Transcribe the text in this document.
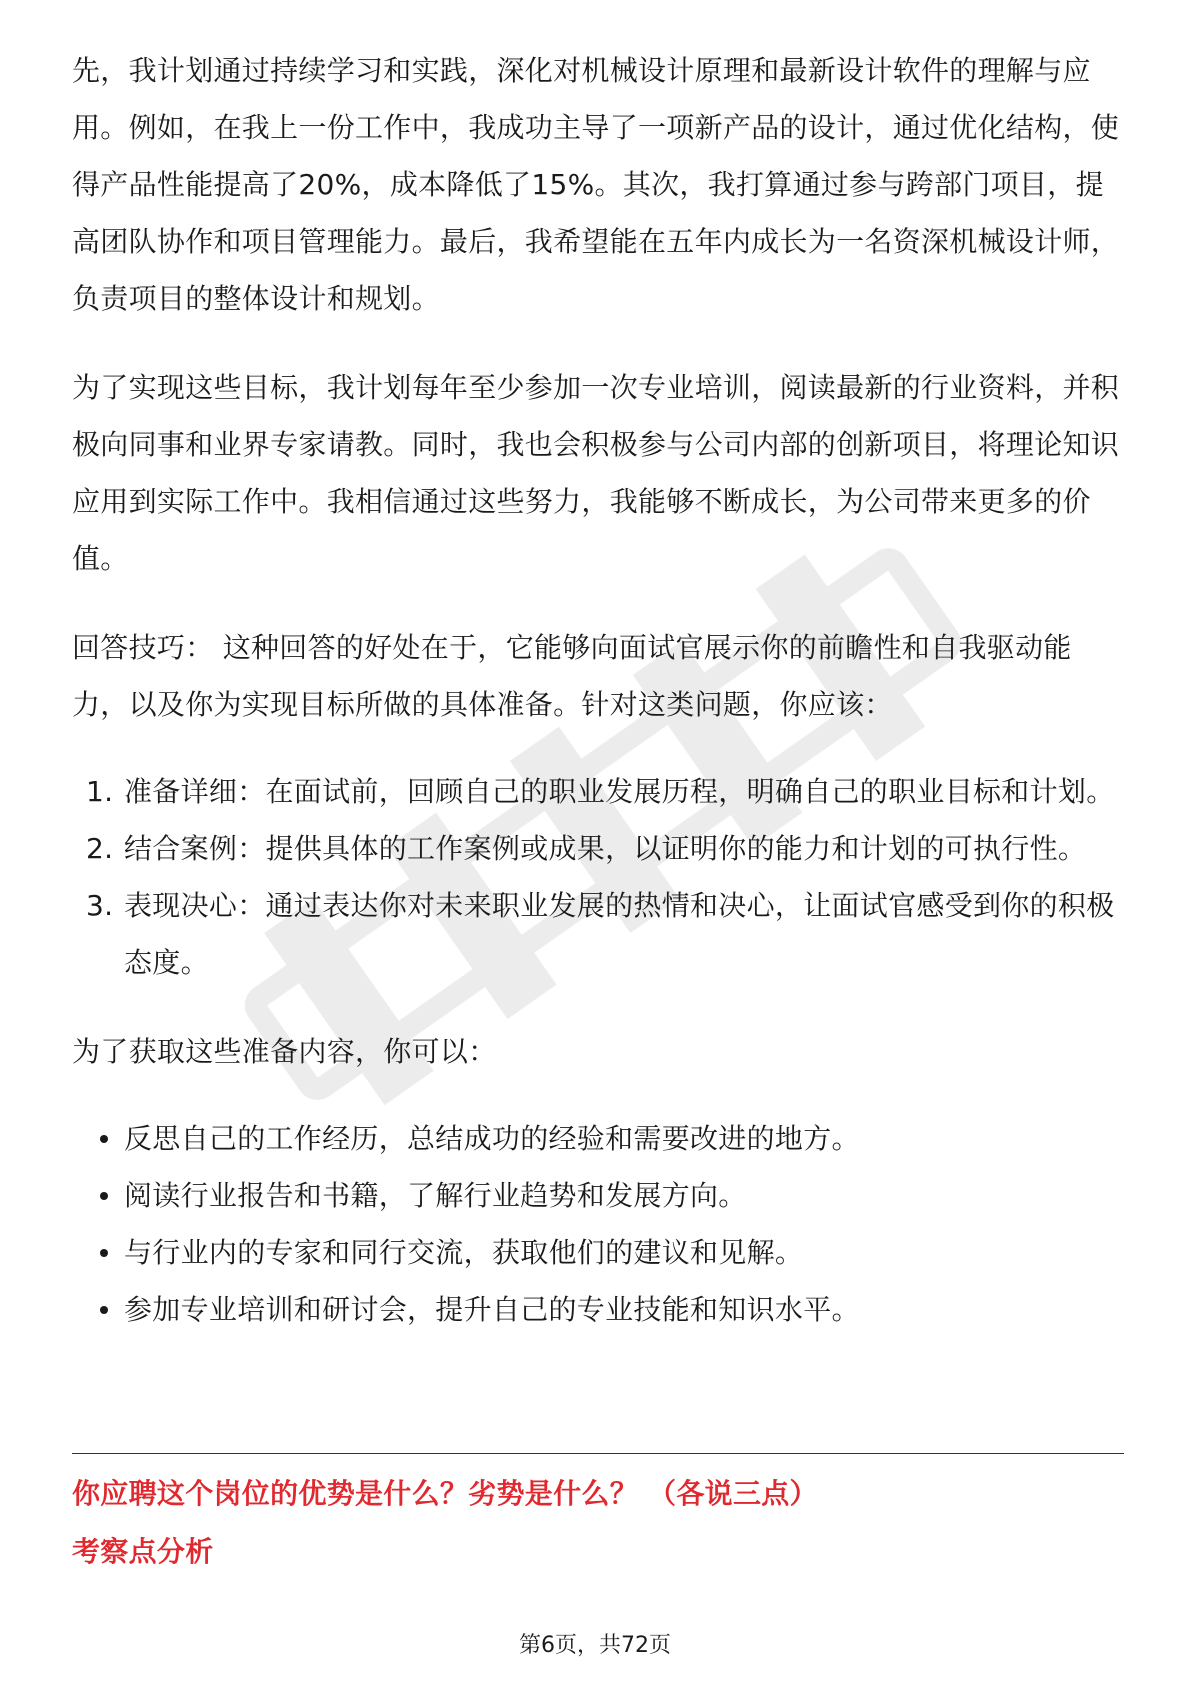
先，我计划通过持续学习和实践，深化对机械设计原理和最新设计软件的理解与应用。例如，在我上一份工作中，我成功主导了一项新产品的设计，通过优化结构，使得产品性能提高了20%，成本降低了15%。其次，我打算通过参与跨部门项目，提高团队协作和项目管理能力。最后，我希望能在五年内成长为一名资深机械设计师，负责项目的整体设计和规划。

为了实现这些目标，我计划每年至少参加一次专业培训，阅读最新的行业资料，并积极向同事和业界专家请教。同时，我也会积极参与公司内部的创新项目，将理论知识应用到实际工作中。我相信通过这些努力，我能够不断成长，为公司带来更多的价值。

回答技巧： 这种回答的好处在于，它能够向面试官展示你的前瞻性和自我驱动能力，以及你为实现目标所做的具体准备。针对这类问题，你应该：

1. 准备详细：在面试前，回顾自己的职业发展历程，明确自己的职业目标和计划。
2. 结合案例：提供具体的工作案例或成果，以证明你的能力和计划的可执行性。
3. 表现决心：通过表达你对未来职业发展的热情和决心，让面试官感受到你的积极态度。

为了获取这些准备内容，你可以：

反思自己的工作经历，总结成功的经验和需要改进的地方。
阅读行业报告和书籍，了解行业趋势和发展方向。
与行业内的专家和同行交流，获取他们的建议和见解。
参加专业培训和研讨会，提升自己的专业技能和知识水平。
你应聘这个岗位的优势是什么？劣势是什么？ （各说三点）
考察点分析
第6页，共72页
